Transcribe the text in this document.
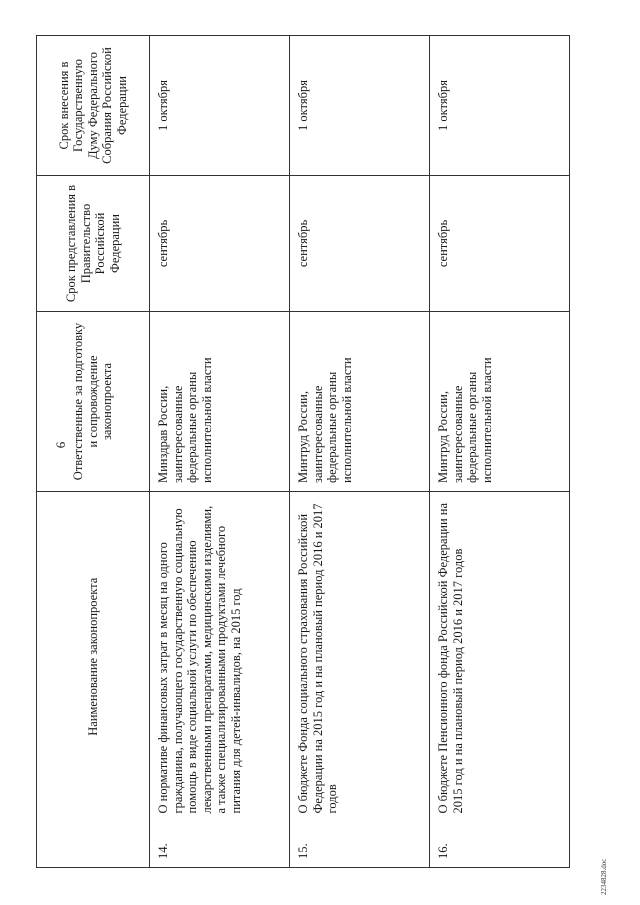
6
	Наименование законопроекта	Ответственные за подготовку и сопровождение законопроекта	Срок представления в Правительство Российской Федерации	Срок внесения в Государственную Думу Федерального Собрания Российской Федерации
14.	О нормативе финансовых затрат в месяц на одного гражданина, получающего государственную социальную помощь в виде социальной услуги по обеспечению лекарственными препаратами, медицинскими изделиями, а также специализированными продуктами лечебного питания для детей-инвалидов, на 2015 год	Минздрав России, заинтересованные федеральные органы исполнительной власти	сентябрь	1 октября
15.	О бюджете Фонда социального страхования Российской Федерации на 2015 год и на плановый период 2016 и 2017 годов	Минтруд России, заинтересованные федеральные органы исполнительной власти	сентябрь	1 октября
16.	О бюджете Пенсионного фонда Российской Федерации на 2015 год и на плановый период 2016 и 2017 годов	Минтруд России, заинтересованные федеральные органы исполнительной власти	сентябрь	1 октября
2234828.doc
